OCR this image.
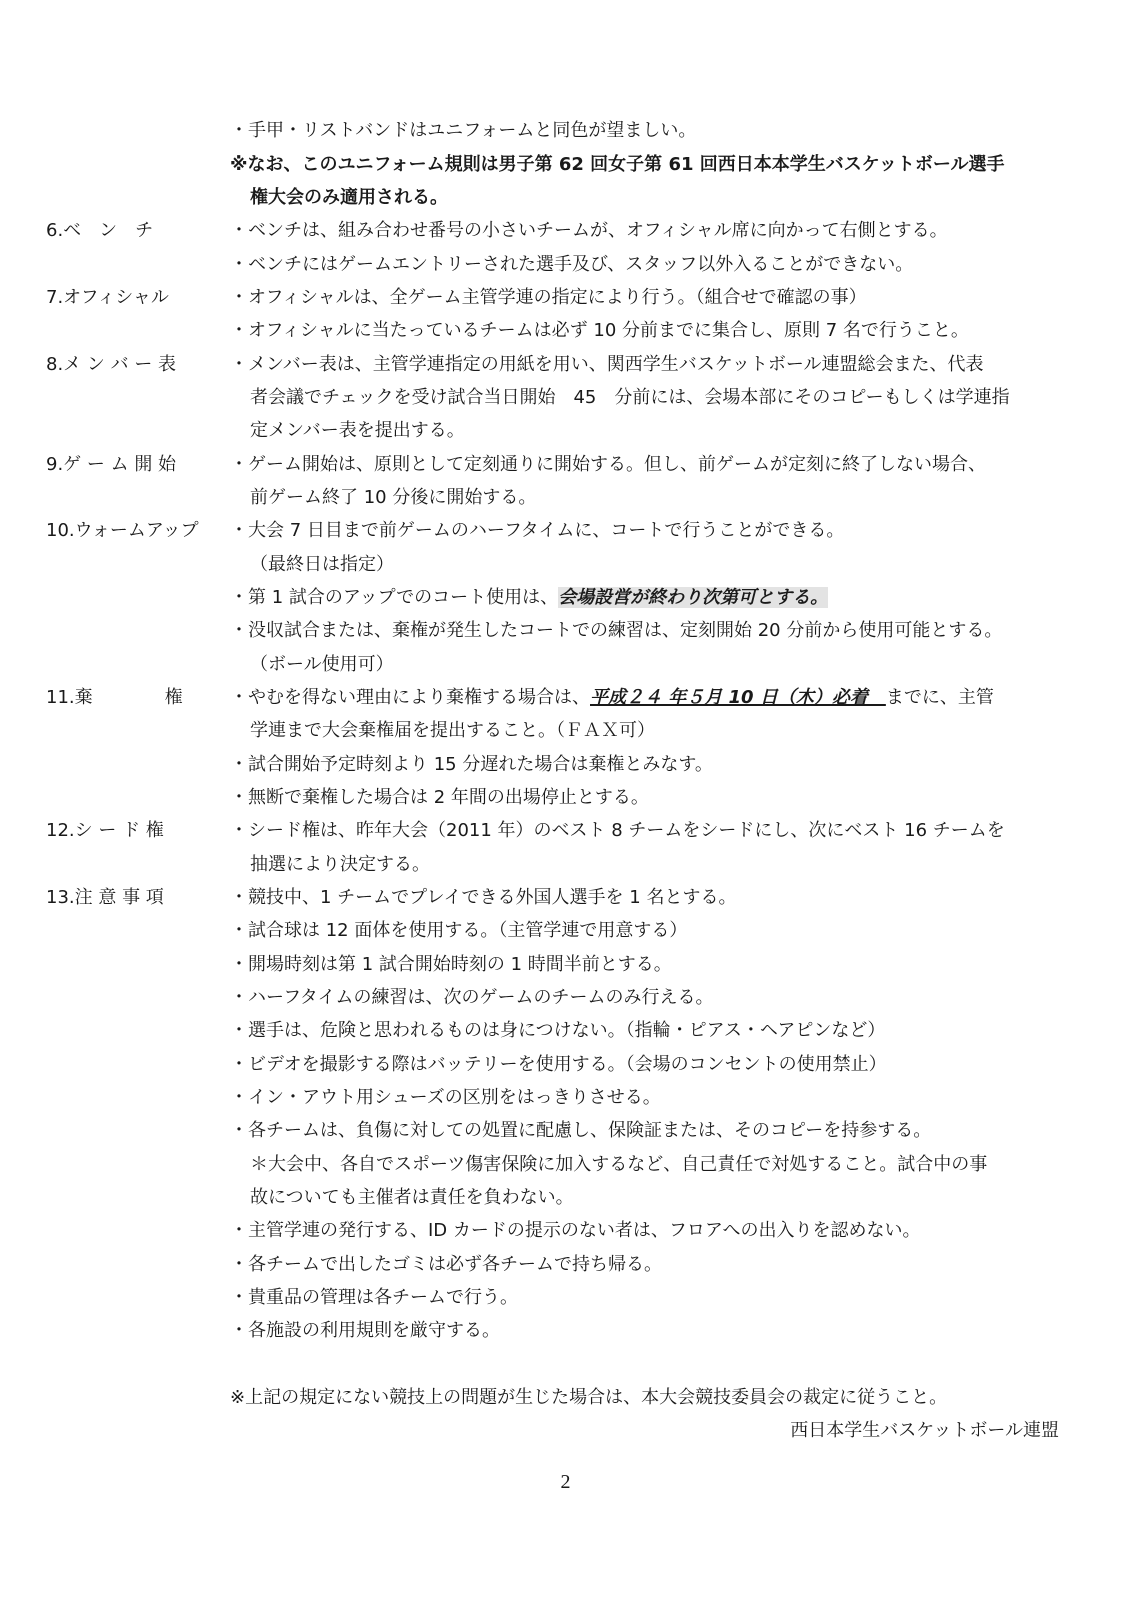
・手甲・リストバンドはユニフォームと同色が望ましい。
※なお、このユニフォーム規則は男子第 62 回女子第 61 回西日本本学生バスケットボール選手
権大会のみ適用される。
6.ベ　ン　チ	・ベンチは、組み合わせ番号の小さいチームが、オフィシャル席に向かって右側とする。
・ベンチにはゲームエントリーされた選手及び、スタッフ以外入ることができない。
7.オフィシャル	・オフィシャルは、全ゲーム主管学連の指定により行う。（組合せで確認の事）
・オフィシャルに当たっているチームは必ず 10 分前までに集合し、原則 7 名で行うこと。
8.メ ン バ ー 表	・メンバー表は、主管学連指定の用紙を用い、関西学生バスケットボール連盟総会また、代表
者会議でチェックを受け試合当日開始　45　分前には、会場本部にそのコピーもしくは学連指
定メンバー表を提出する。
9.ゲ ー ム 開 始	・ゲーム開始は、原則として定刻通りに開始する。但し、前ゲームが定刻に終了しない場合、
前ゲーム終了 10 分後に開始する。
10.ウォームアップ ・大会 7 日目まで前ゲームのハーフタイムに、コートで行うことができる。
（最終日は指定）
・第 1 試合のアップでのコート使用は、会場設営が終わり次第可とする。
・没収試合または、棄権が発生したコートでの練習は、定刻開始 20 分前から使用可能とする。
（ボール使用可）
11.棄　　　　権	・やむを得ない理由により棄権する場合は、平成２４ 年５月 10 日（木）必着　までに、主管
学連まで大会棄権届を提出すること。（ＦＡＸ可）
・試合開始予定時刻より 15 分遅れた場合は棄権とみなす。
・無断で棄権した場合は 2 年間の出場停止とする。
12.シ ー ド 権	・シード権は、昨年大会（2011 年）のベスト 8 チームをシードにし、次にベスト 16 チームを
抽選により決定する。
13.注 意 事 項	・競技中、1 チームでプレイできる外国人選手を 1 名とする。
・試合球は 12 面体を使用する。（主管学連で用意する）
・開場時刻は第 1 試合開始時刻の 1 時間半前とする。
・ハーフタイムの練習は、次のゲームのチームのみ行える。
・選手は、危険と思われるものは身につけない。（指輪・ピアス・ヘアピンなど）
・ビデオを撮影する際はバッテリーを使用する。（会場のコンセントの使用禁止）
・イン・アウト用シューズの区別をはっきりさせる。
・各チームは、負傷に対しての処置に配慮し、保険証または、そのコピーを持参する。
＊大会中、各自でスポーツ傷害保険に加入するなど、自己責任で対処すること。試合中の事
故についても主催者は責任を負わない。
・主管学連の発行する、ID カードの提示のない者は、フロアへの出入りを認めない。
・各チームで出したゴミは必ず各チームで持ち帰る。
・貴重品の管理は各チームで行う。
・各施設の利用規則を厳守する。
※上記の規定にない競技上の問題が生じた場合は、本大会競技委員会の裁定に従うこと。
西日本学生バスケットボール連盟
2
